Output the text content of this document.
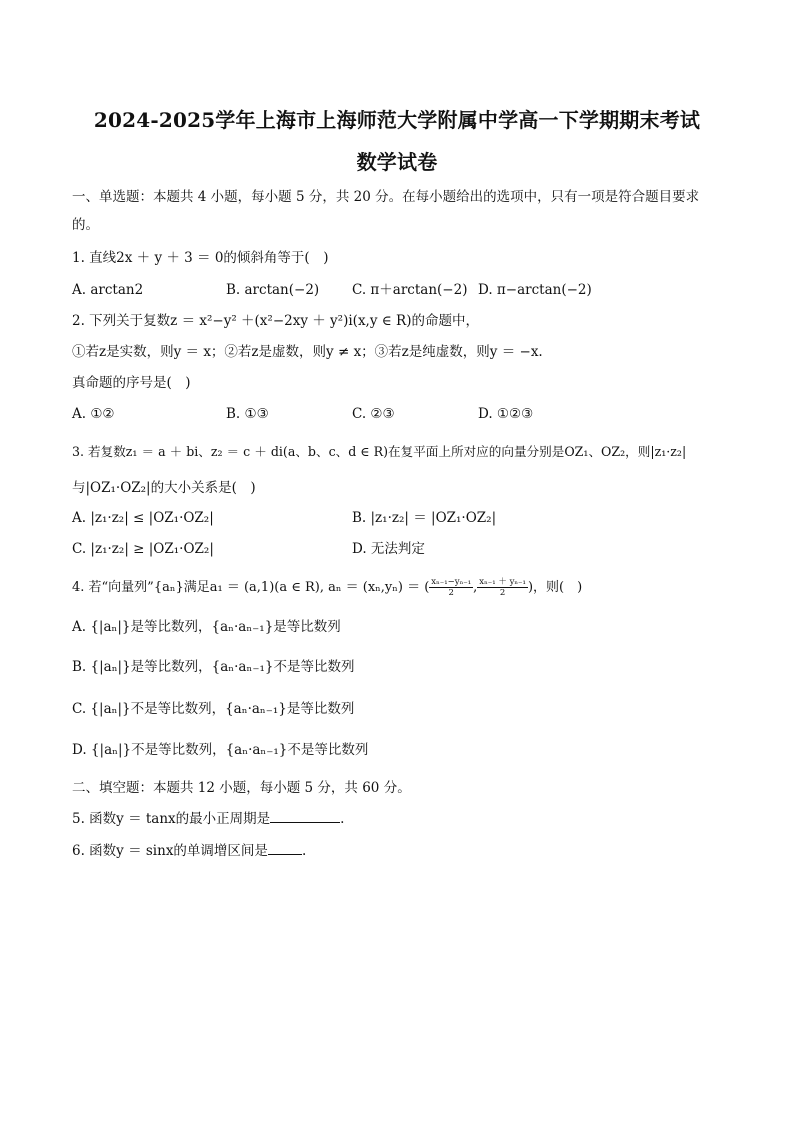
2024-2025学年上海市上海师范大学附属中学高一下学期期末考试
数学试卷
一、单选题：本题共 4 小题，每小题 5 分，共 20 分。在每小题给出的选项中，只有一项是符合题目要求
的。
1. 直线2x ＋ y ＋ 3 ＝ 0的倾斜角等于(　)
A. arctan2	B. arctan(−2) C. π＋arctan(−2) D. π−arctan(−2)
2. 下列关于复数z ＝ x²−y² ＋(x²−2xy ＋ y²)i(x,y ∈ R)的命题中，
①若z是实数，则y ＝ x；②若z是虚数，则y ≠ x；③若z是纯虚数，则y ＝ −x.
真命题的序号是(　)
A. ①②	B. ①③	C. ②③	D. ①②③
3. 若复数z₁ ＝ a ＋ bi、z₂ ＝ c ＋ di(a、b、c、d ∈ R)在复平面上所对应的向量分别是OZ₁、OZ₂，则|z₁·z₂|
与|OZ₁·OZ₂|的大小关系是(　)
A. |z₁·z₂| ≤ |OZ₁·OZ₂|	B. |z₁·z₂| ＝ |OZ₁·OZ₂|
C. |z₁·z₂| ≥ |OZ₁·OZ₂|	D. 无法判定
4. 若“向量列”{aₙ}满足a₁ ＝ (a,1)(a ∈ R), aₙ ＝ (xₙ,yₙ) ＝ ( $\frac{\text{xₙ₋₁−yₙ₋₁}}{2}$ , $\frac{\text{xₙ₋₁ ＋ yₙ₋₁}}{2}$ )，则(　)
A. {|aₙ|}是等比数列，{aₙ·aₙ₋₁}是等比数列
B. {|aₙ|}是等比数列，{aₙ·aₙ₋₁}不是等比数列
C. {|aₙ|}不是等比数列，{aₙ·aₙ₋₁}是等比数列
D. {|aₙ|}不是等比数列，{aₙ·aₙ₋₁}不是等比数列
二、填空题：本题共 12 小题，每小题 5 分，共 60 分。
5. 函数y ＝ tanx的最小正周期是	.
6. 函数y ＝ sinx的单调增区间是	.
